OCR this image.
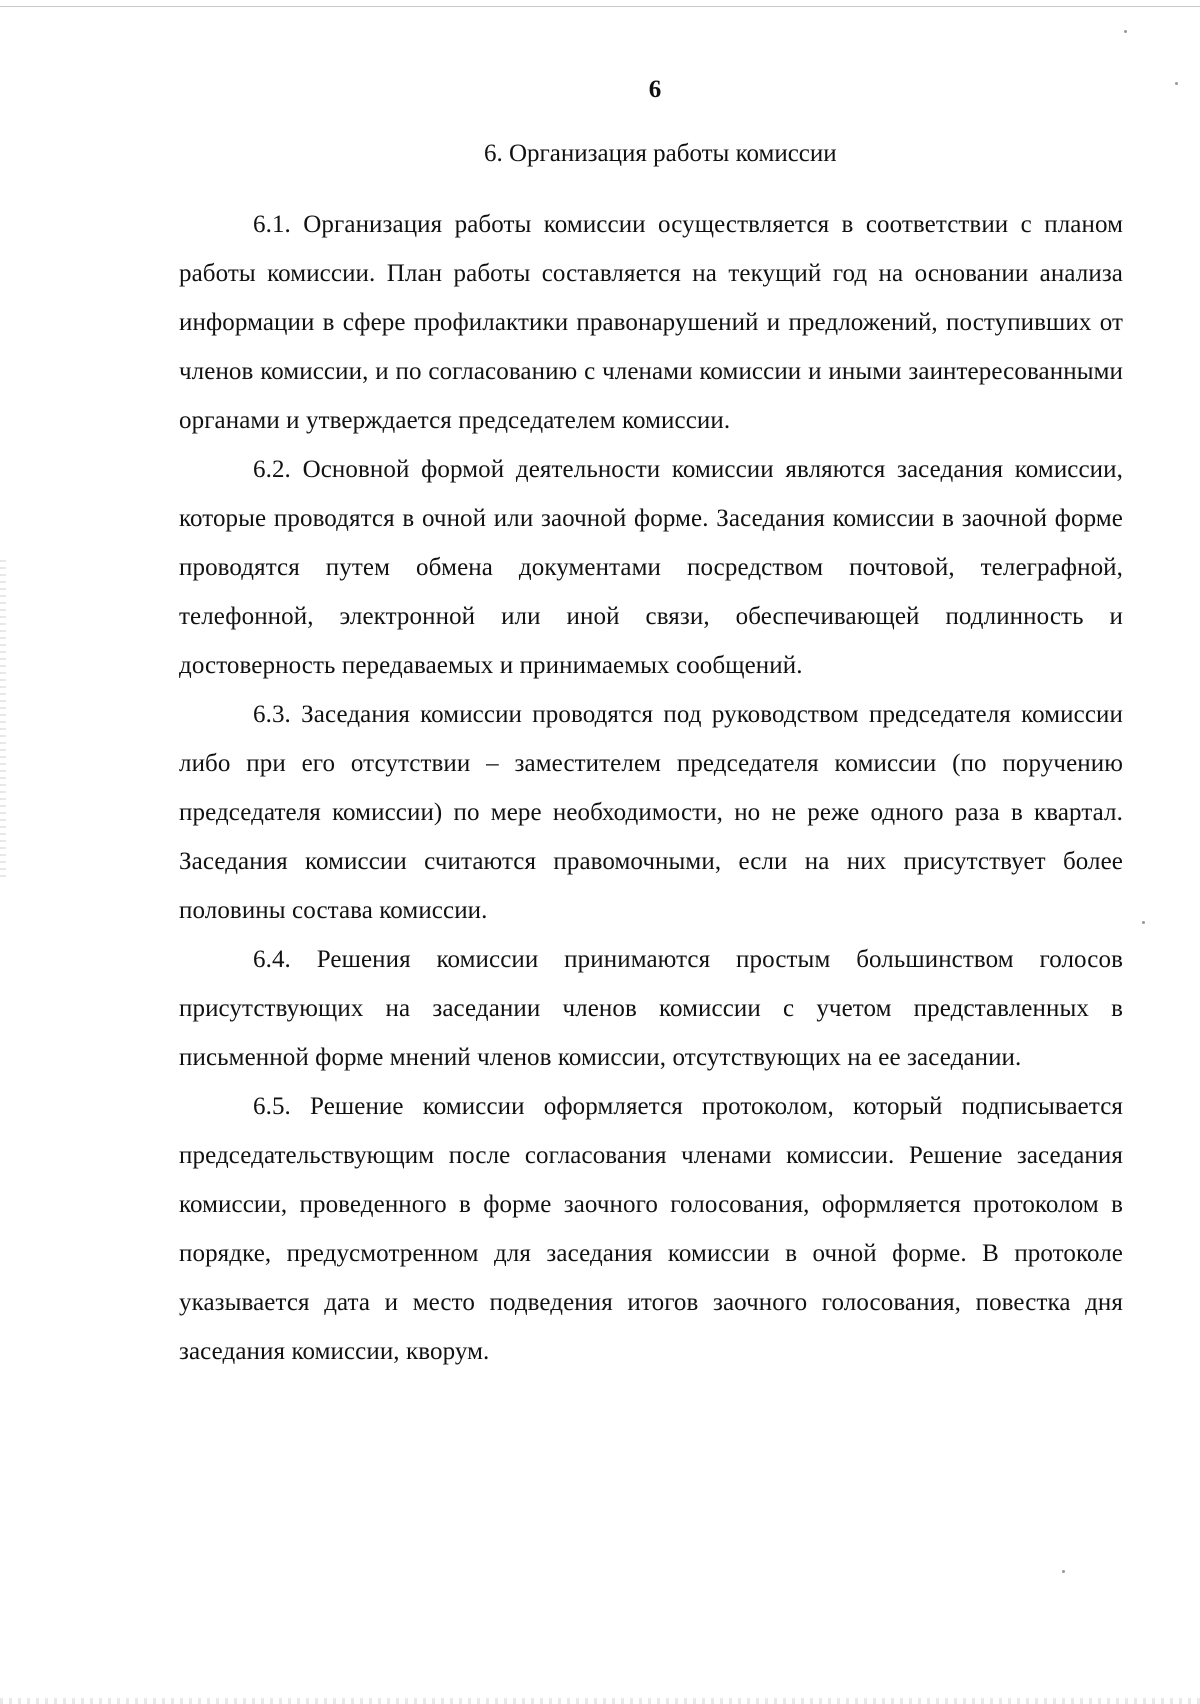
6
6. Организация работы комиссии

6.1. Организация работы комиссии осуществляется в соответствии с планом работы комиссии. План работы составляется на текущий год на основании анализа информации в сфере профилактики правонарушений и предложений, поступивших от членов комиссии, и по согласованию с членами комиссии и иными заинтересованными органами и утверждается председателем комиссии.

6.2. Основной формой деятельности комиссии являются заседания комиссии, которые проводятся в очной или заочной форме. Заседания комиссии в заочной форме проводятся путем обмена документами посредством почтовой, телеграфной, телефонной, электронной или иной связи, обеспечивающей подлинность и достоверность передаваемых и принимаемых сообщений.

6.3. Заседания комиссии проводятся под руководством председателя комиссии либо при его отсутствии – заместителем председателя комиссии (по поручению председателя комиссии) по мере необходимости, но не реже одного раза в квартал. Заседания комиссии считаются правомочными, если на них присутствует более половины состава комиссии.

6.4. Решения комиссии принимаются простым большинством голосов присутствующих на заседании членов комиссии с учетом представленных в письменной форме мнений членов комиссии, отсутствующих на ее заседании.

6.5. Решение комиссии оформляется протоколом, который подписывается председательствующим после согласования членами комиссии. Решение заседания комиссии, проведенного в форме заочного голосования, оформляется протоколом в порядке, предусмотренном для заседания комиссии в очной форме. В протоколе указывается дата и место подведения итогов заочного голосования, повестка дня заседания комиссии, кворум.
